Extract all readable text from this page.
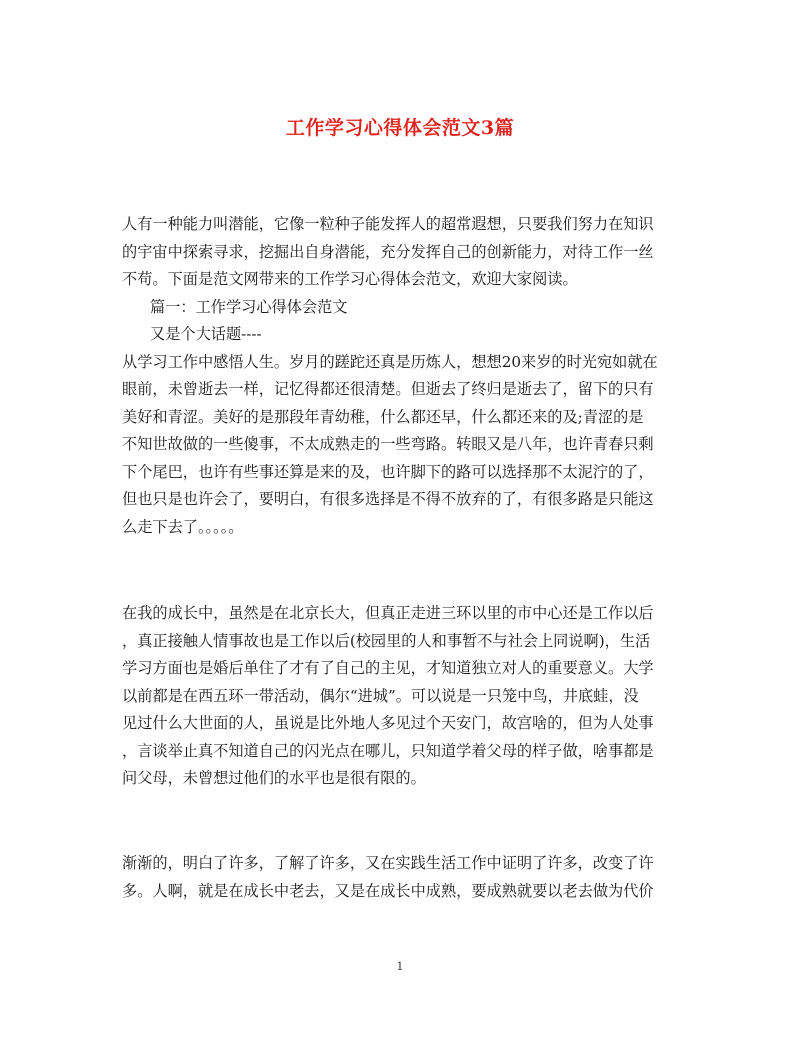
工作学习心得体会范文3篇
人有一种能力叫潜能，它像一粒种子能发挥人的超常遐想，只要我们努力在知识
的宇宙中探索寻求，挖掘出自身潜能，充分发挥自己的创新能力，对待工作一丝
不苟。下面是范文网带来的工作学习心得体会范文，欢迎大家阅读。
篇一：工作学习心得体会范文
又是个大话题----
从学习工作中感悟人生。岁月的蹉跎还真是历炼人，想想20来岁的时光宛如就在
眼前，未曾逝去一样，记忆得都还很清楚。但逝去了终归是逝去了，留下的只有
美好和青涩。美好的是那段年青幼稚，什么都还早，什么都还来的及;青涩的是
不知世故做的一些傻事，不太成熟走的一些弯路。转眼又是八年，也许青春只剩
下个尾巴，也许有些事还算是来的及，也许脚下的路可以选择那不太泥泞的了，
但也只是也许会了，要明白，有很多选择是不得不放弃的了，有很多路是只能这
么走下去了。。。。。
在我的成长中，虽然是在北京长大，但真正走进三环以里的市中心还是工作以后
，真正接触人情事故也是工作以后(校园里的人和事暂不与社会上同说啊)，生活
学习方面也是婚后单住了才有了自己的主见，才知道独立对人的重要意义。大学
以前都是在西五环一带活动，偶尔“进城”。可以说是一只笼中鸟，井底蛙，没
见过什么大世面的人，虽说是比外地人多见过个天安门，故宫啥的，但为人处事
，言谈举止真不知道自己的闪光点在哪儿，只知道学着父母的样子做，啥事都是
问父母，未曾想过他们的水平也是很有限的。
渐渐的，明白了许多，了解了许多，又在实践生活工作中证明了许多，改变了许
多。人啊，就是在成长中老去，又是在成长中成熟，要成熟就要以老去做为代价
1
